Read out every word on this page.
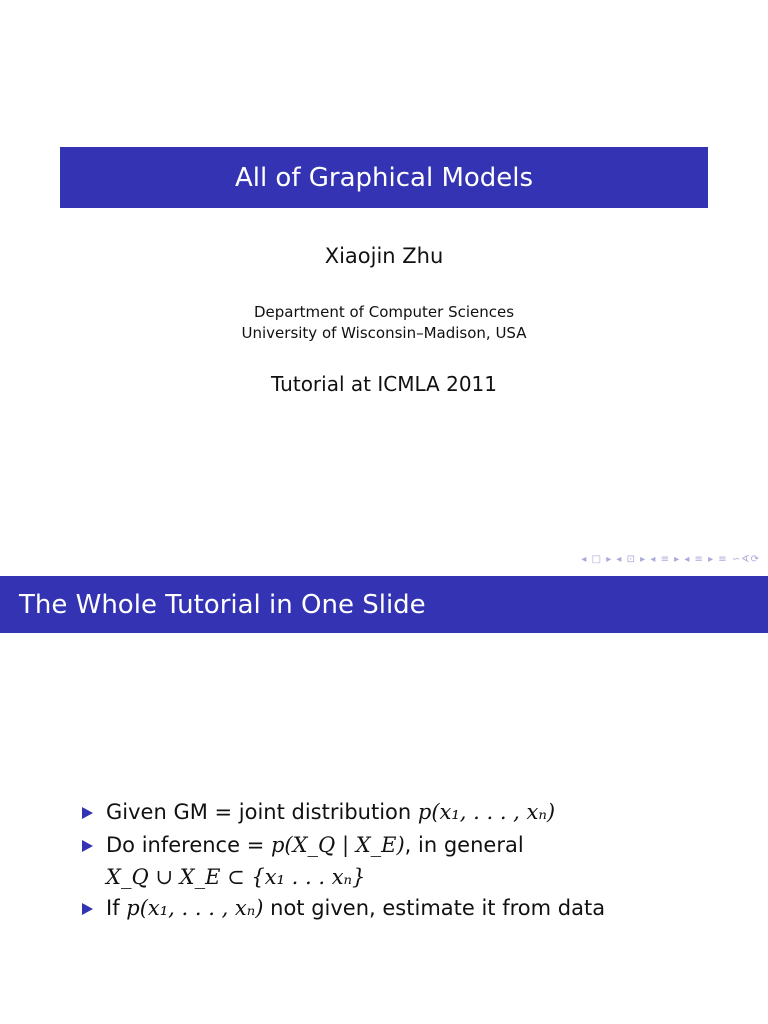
All of Graphical Models
Xiaojin Zhu
Department of Computer Sciences
University of Wisconsin–Madison, USA
Tutorial at ICMLA 2011
◂ □ ▸ ◂ ⊡ ▸ ◂ ≡ ▸ ◂ ≡ ▸ ≡ ∽∢⟳
The Whole Tutorial in One Slide
Given GM = joint distribution p(x₁, . . . , xₙ)
Do inference = p(X_Q | X_E), in general
X_Q ∪ X_E ⊂ {x₁ . . . xₙ}
If p(x₁, . . . , xₙ) not given, estimate it from data
